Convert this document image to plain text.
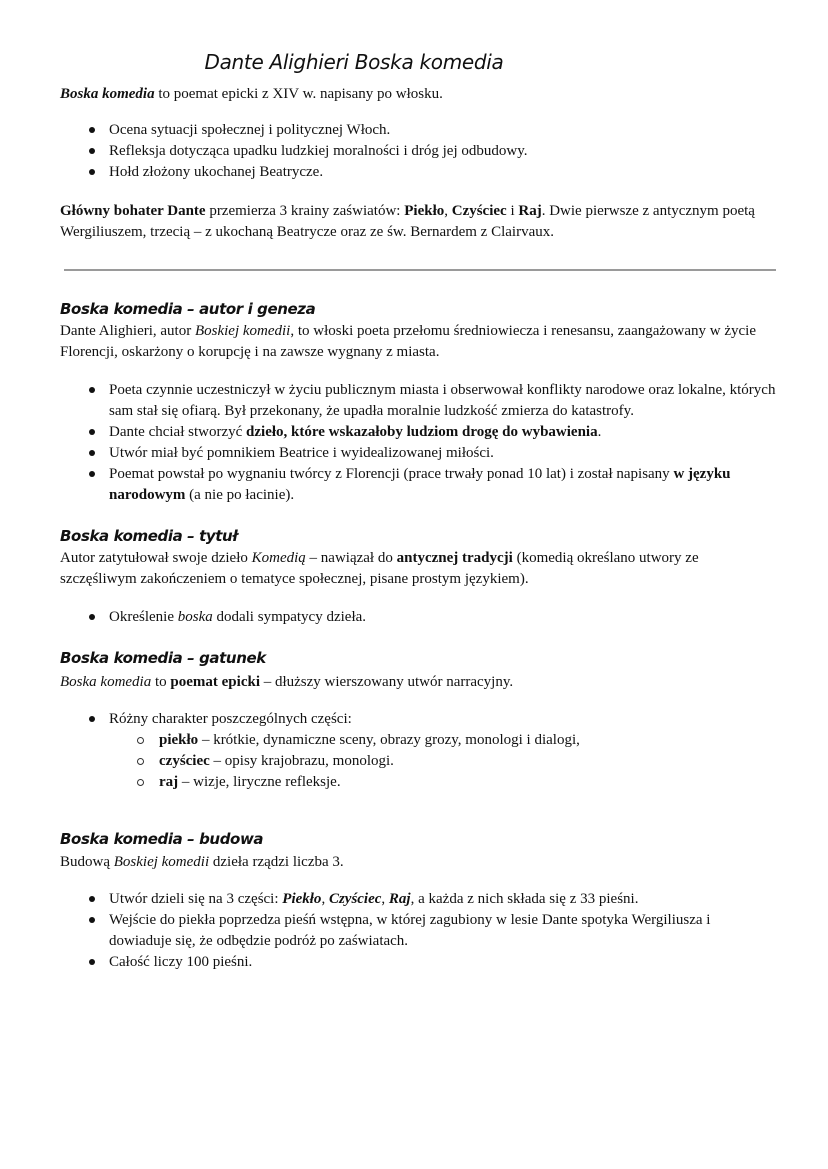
Dante Alighieri Boska komedia

Boska komedia to poemat epicki z XIV w. napisany po włosku.

Ocena sytuacji społecznej i politycznej Włoch.
Refleksja dotycząca upadku ludzkiej moralności i dróg jej odbudowy.
Hołd złożony ukochanej Beatrycze.

Główny bohater Dante przemierza 3 krainy zaświatów: Piekło, Czyściec i Raj. Dwie pierwsze z antycznym poetą Wergiliuszem, trzecią – z ukochaną Beatrycze oraz ze św. Bernardem z Clairvaux.

Boska komedia – autor i geneza

Dante Alighieri, autor Boskiej komedii, to włoski poeta przełomu średniowiecza i renesansu, zaangażowany w życie Florencji, oskarżony o korupcję i na zawsze wygnany z miasta.

Poeta czynnie uczestniczył w życiu publicznym miasta i obserwował konflikty narodowe oraz lokalne, których sam stał się ofiarą. Był przekonany, że upadła moralnie ludzkość zmierza do katastrofy.
Dante chciał stworzyć dzieło, które wskazałoby ludziom drogę do wybawienia.
Utwór miał być pomnikiem Beatrice i wyidealizowanej miłości.
Poemat powstał po wygnaniu twórcy z Florencji (prace trwały ponad 10 lat) i został napisany w języku narodowym (a nie po łacinie).
Boska komedia – tytuł

Autor zatytułował swoje dzieło Komedią – nawiązał do antycznej tradycji (komedią określano utwory ze szczęśliwym zakończeniem o tematyce społecznej, pisane prostym językiem).

Określenie boska dodali sympatycy dzieła.
Boska komedia – gatunek

Boska komedia to poemat epicki – dłuższy wierszowany utwór narracyjny.

Różny charakter poszczególnych części:
piekło – krótkie, dynamiczne sceny, obrazy grozy, monologi i dialogi,
czyściec – opisy krajobrazu, monologi.
raj – wizje, liryczne refleksje.
Boska komedia – budowa

Budową Boskiej komedii dzieła rządzi liczba 3.

Utwór dzieli się na 3 części: Piekło, Czyściec, Raj, a każda z nich składa się z 33 pieśni.
Wejście do piekła poprzedza pieśń wstępna, w której zagubiony w lesie Dante spotyka Wergiliusza i dowiaduje się, że odbędzie podróż po zaświatach.
Całość liczy 100 pieśni.
